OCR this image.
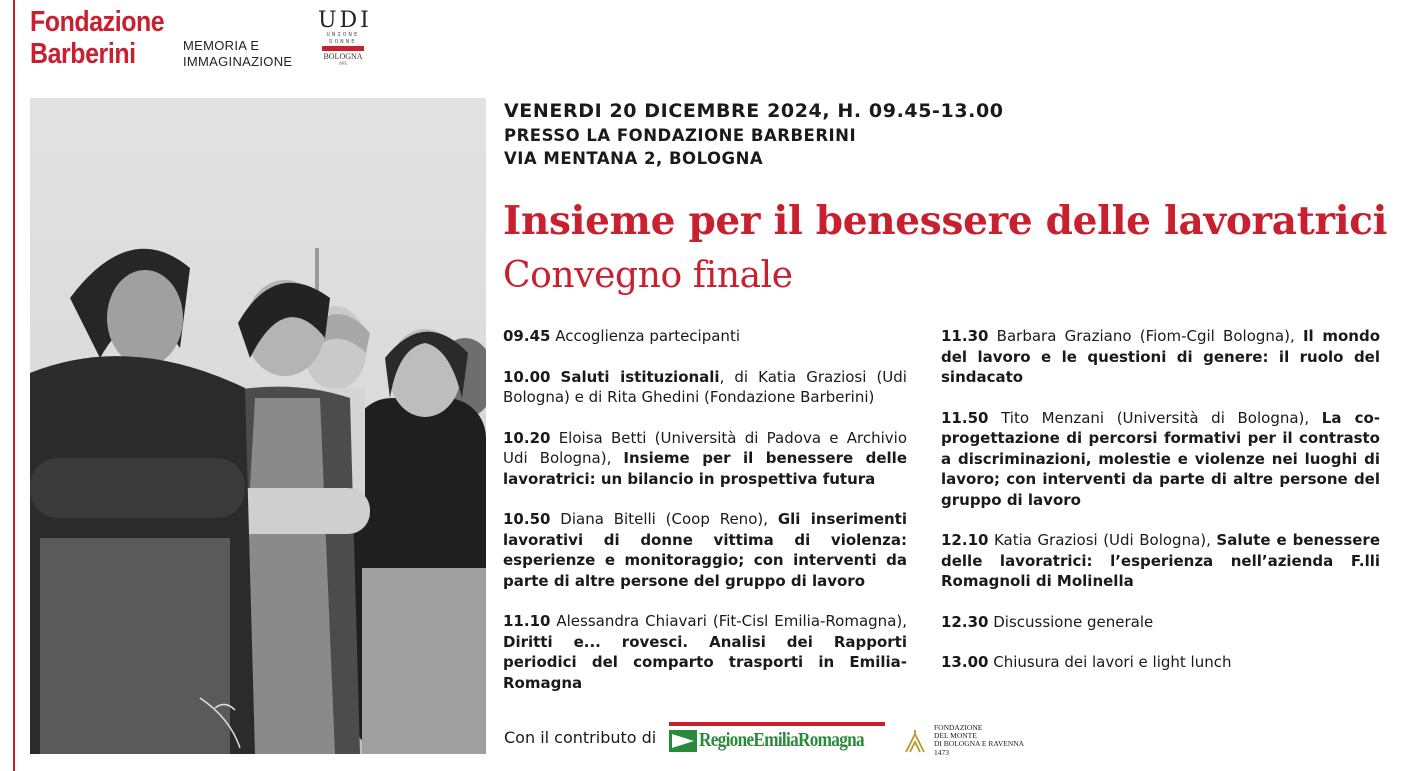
Fondazione
Barberini	MEMORIA E
IMMAGINAZIONE
UDI
UNIONE
DONNE
BOLOGNA
APS
VENERDI 20 DICEMBRE 2024, H. 09.45-13.00
PRESSO LA FONDAZIONE BARBERINI
VIA MENTANA 2, BOLOGNA
Insieme per il benessere delle lavoratrici
Convegno finale
09.45 Accoglienza partecipanti
10.00 Saluti istituzionali, di Katia Graziosi (Udi Bologna) e di Rita Ghedini (Fondazione Barberini)
10.20 Eloisa Betti (Università di Padova e Archivio Udi Bologna), Insieme per il benessere delle lavoratrici: un bilancio in prospettiva futura
10.50 Diana Bitelli (Coop Reno), Gli inserimenti lavorativi di donne vittima di violenza: esperienze e monitoraggio; con interventi da parte di altre persone del gruppo di lavoro
11.10 Alessandra Chiavari (Fit-Cisl Emilia-Romagna), Diritti e... rovesci. Analisi dei Rapporti periodici del comparto trasporti in Emilia-Romagna
11.30 Barbara Graziano (Fiom-Cgil Bologna), Il mondo del lavoro e le questioni di genere: il ruolo del sindacato
11.50 Tito Menzani (Università di Bologna), La co-progettazione di percorsi formativi per il contrasto a discriminazioni, molestie e violenze nei luoghi di lavoro; con interventi da parte di altre persone del gruppo di lavoro
12.10 Katia Graziosi (Udi Bologna), Salute e benessere delle lavoratrici: l’esperienza nell’azienda F.lli Romagnoli di Molinella
12.30 Discussione generale
13.00 Chiusura dei lavori e light lunch
Con il contributo di RegioneEmiliaRomagna
FONDAZIONE
DEL MONTE
DI BOLOGNA E RAVENNA
1473
